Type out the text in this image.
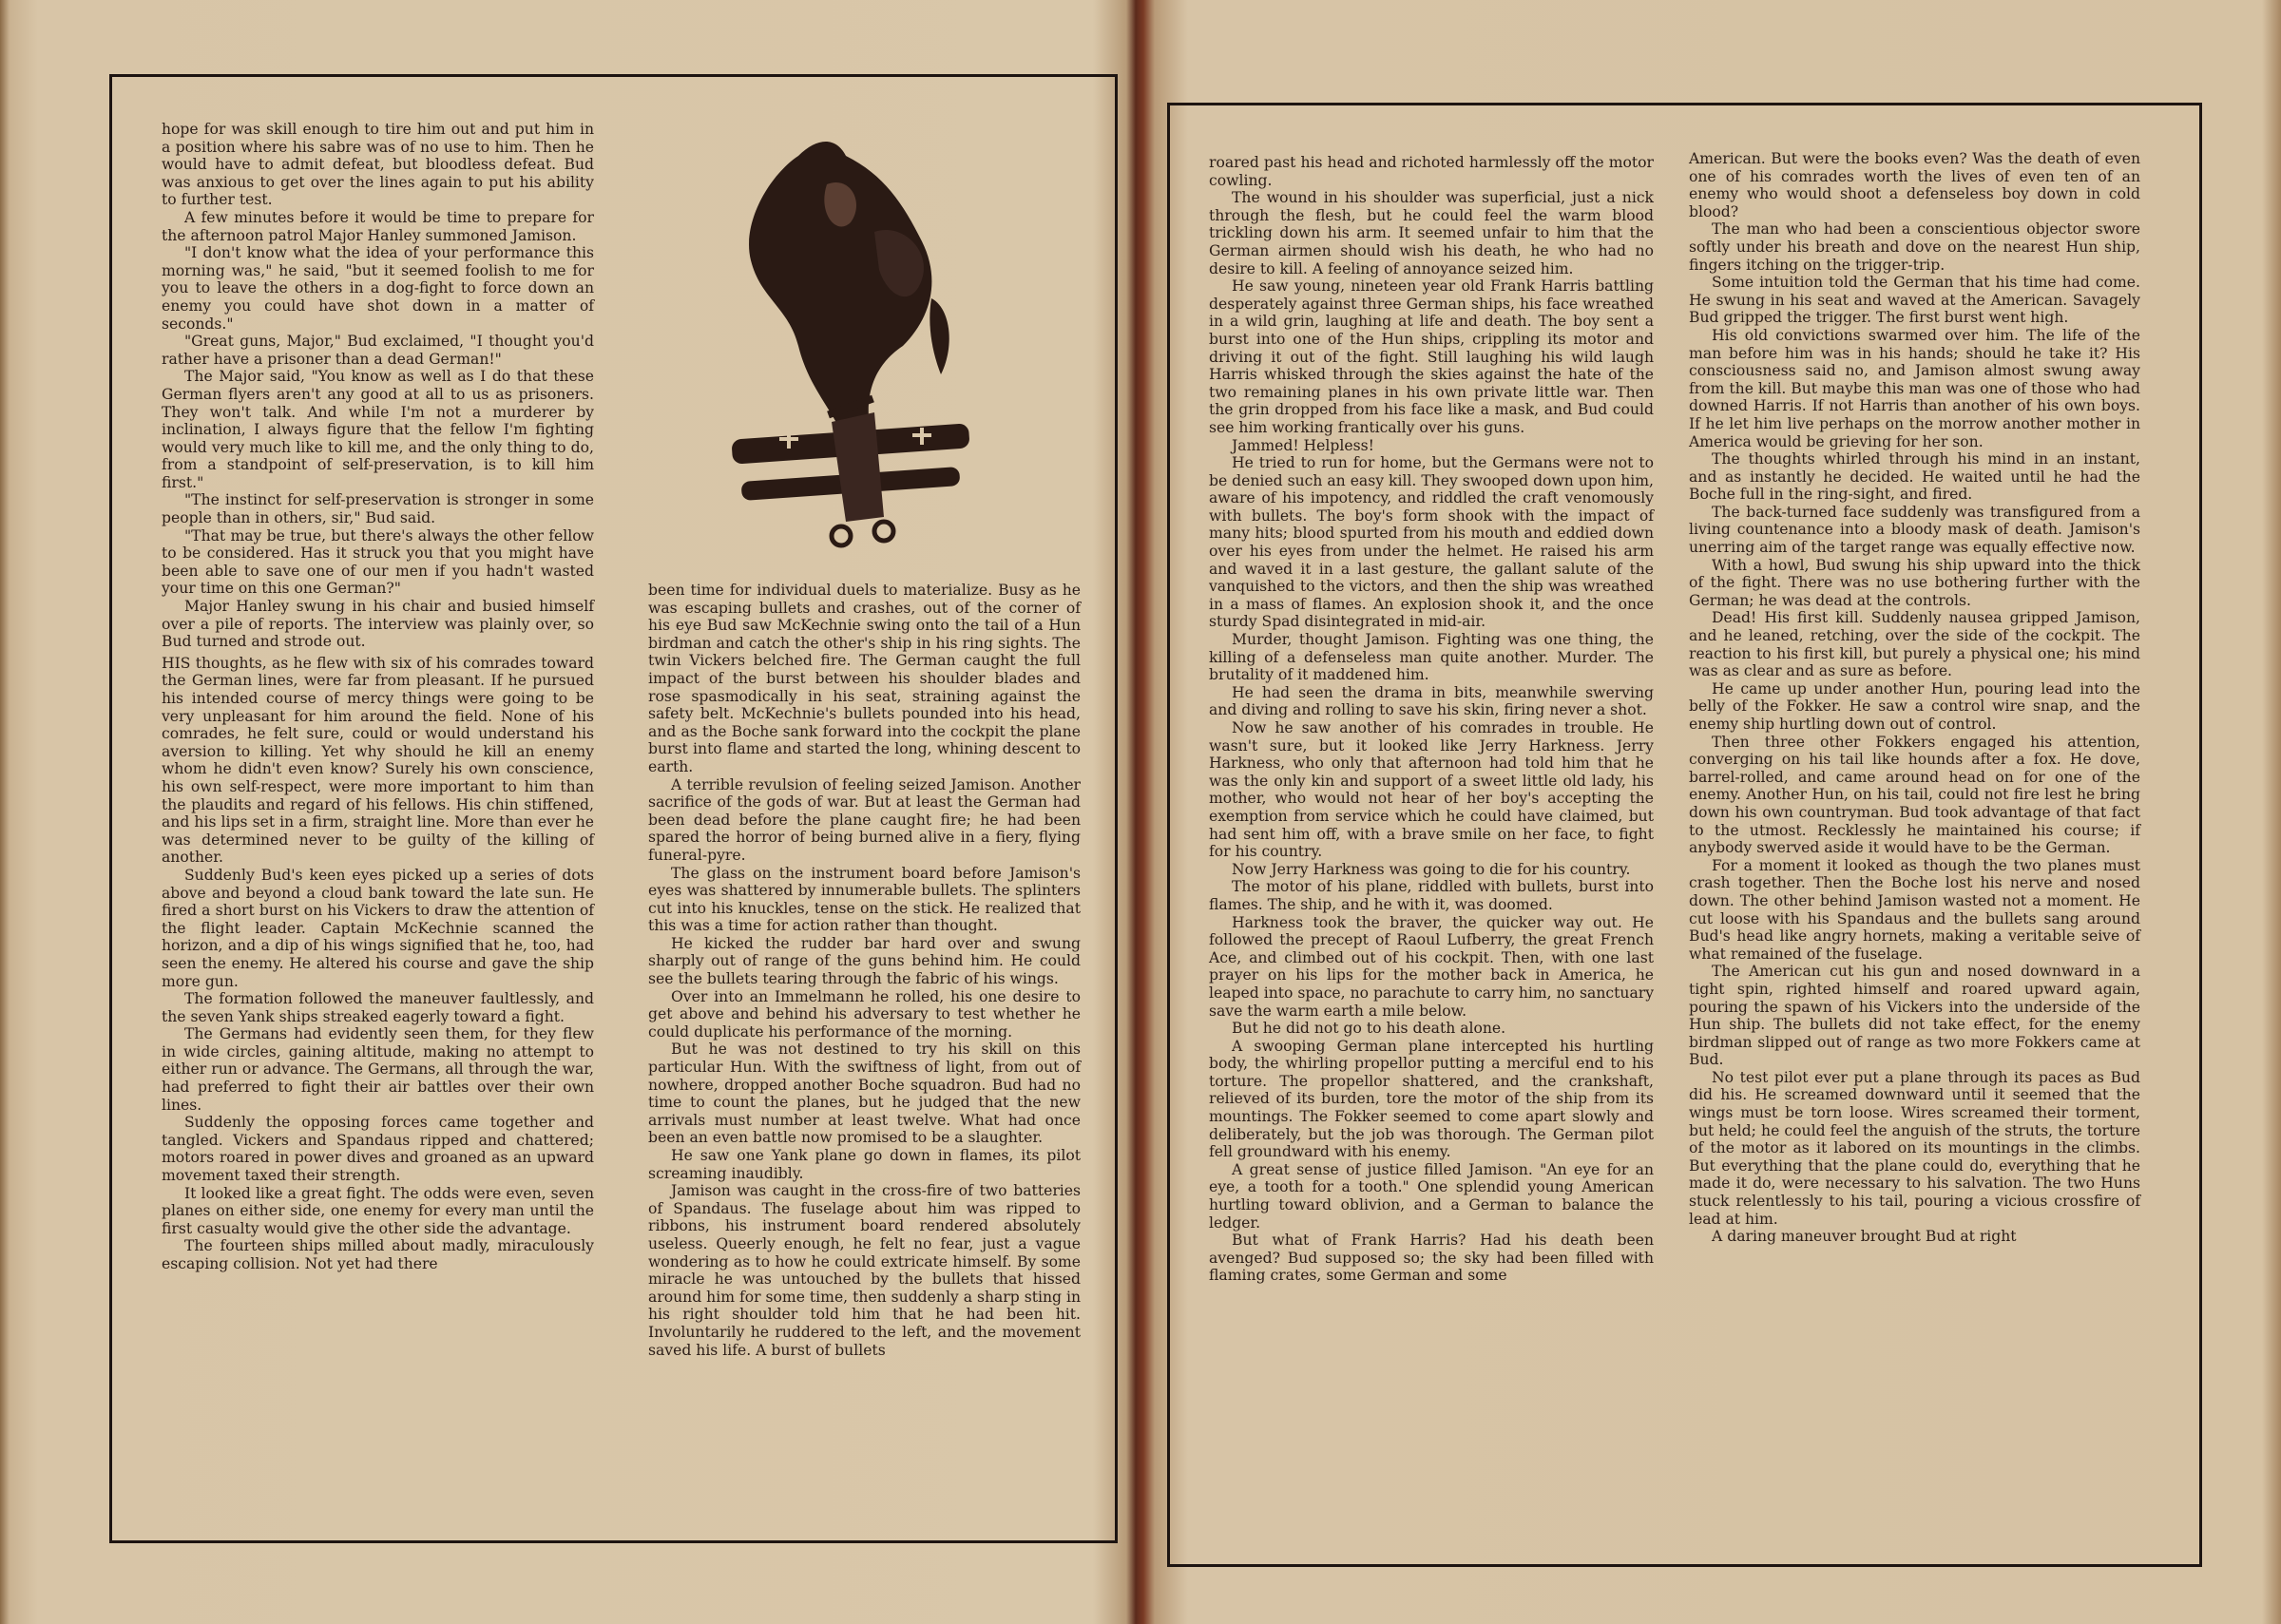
hope for was skill enough to tire him out and put him in a position where his sabre was of no use to him. Then he would have to admit defeat, but bloodless defeat. Bud was anxious to get over the lines again to put his ability to further test.

A few minutes before it would be time to prepare for the afternoon patrol Major Hanley summoned Jamison.

"I don't know what the idea of your performance this morning was," he said, "but it seemed foolish to me for you to leave the others in a dog-fight to force down an enemy you could have shot down in a matter of seconds."

"Great guns, Major," Bud exclaimed, "I thought you'd rather have a prisoner than a dead German!"

The Major said, "You know as well as I do that these German flyers aren't any good at all to us as prisoners. They won't talk. And while I'm not a murderer by inclination, I always figure that the fellow I'm fighting would very much like to kill me, and the only thing to do, from a standpoint of self-preservation, is to kill him first."

"The instinct for self-preservation is stronger in some people than in others, sir," Bud said.

"That may be true, but there's always the other fellow to be considered. Has it struck you that you might have been able to save one of our men if you hadn't wasted your time on this one German?"

Major Hanley swung in his chair and busied himself over a pile of reports. The interview was plainly over, so Bud turned and strode out.

HIS thoughts, as he flew with six of his comrades toward the German lines, were far from pleasant. If he pursued his intended course of mercy things were going to be very unpleasant for him around the field. None of his comrades, he felt sure, could or would understand his aversion to killing. Yet why should he kill an enemy whom he didn't even know? Surely his own conscience, his own self-respect, were more important to him than the plaudits and regard of his fellows. His chin stiffened, and his lips set in a firm, straight line. More than ever he was determined never to be guilty of the killing of another.

Suddenly Bud's keen eyes picked up a series of dots above and beyond a cloud bank toward the late sun. He fired a short burst on his Vickers to draw the attention of the flight leader. Captain McKechnie scanned the horizon, and a dip of his wings signified that he, too, had seen the enemy. He altered his course and gave the ship more gun.

The formation followed the maneuver faultlessly, and the seven Yank ships streaked eagerly toward a fight.

The Germans had evidently seen them, for they flew in wide circles, gaining altitude, making no attempt to either run or advance. The Germans, all through the war, had preferred to fight their air battles over their own lines.

Suddenly the opposing forces came together and tangled. Vickers and Spandaus ripped and chattered; motors roared in power dives and groaned as an upward movement taxed their strength.

It looked like a great fight. The odds were even, seven planes on either side, one enemy for every man until the first casualty would give the other side the advantage.

The fourteen ships milled about madly, miraculously escaping collision. Not yet had there

been time for individual duels to materialize. Busy as he was escaping bullets and crashes, out of the corner of his eye Bud saw McKechnie swing onto the tail of a Hun birdman and catch the other's ship in his ring sights. The twin Vickers belched fire. The German caught the full impact of the burst between his shoulder blades and rose spasmodically in his seat, straining against the safety belt. McKechnie's bullets pounded into his head, and as the Boche sank forward into the cockpit the plane burst into flame and started the long, whining descent to earth.

A terrible revulsion of feeling seized Jamison. Another sacrifice of the gods of war. But at least the German had been dead before the plane caught fire; he had been spared the horror of being burned alive in a fiery, flying funeral-pyre.

The glass on the instrument board before Jamison's eyes was shattered by innumerable bullets. The splinters cut into his knuckles, tense on the stick. He realized that this was a time for action rather than thought.

He kicked the rudder bar hard over and swung sharply out of range of the guns behind him. He could see the bullets tearing through the fabric of his wings.

Over into an Immelmann he rolled, his one desire to get above and behind his adversary to test whether he could duplicate his performance of the morning.

But he was not destined to try his skill on this particular Hun. With the swiftness of light, from out of nowhere, dropped another Boche squadron. Bud had no time to count the planes, but he judged that the new arrivals must number at least twelve. What had once been an even battle now promised to be a slaughter.

He saw one Yank plane go down in flames, its pilot screaming inaudibly.

Jamison was caught in the cross-fire of two batteries of Spandaus. The fuselage about him was ripped to ribbons, his instrument board rendered absolutely useless. Queerly enough, he felt no fear, just a vague wondering as to how he could extricate himself. By some miracle he was untouched by the bullets that hissed around him for some time, then suddenly a sharp sting in his right shoulder told him that he had been hit. Involuntarily he ruddered to the left, and the movement saved his life. A burst of bullets

roared past his head and richoted harmlessly off the motor cowling.

The wound in his shoulder was superficial, just a nick through the flesh, but he could feel the warm blood trickling down his arm. It seemed unfair to him that the German airmen should wish his death, he who had no desire to kill. A feeling of annoyance seized him.

He saw young, nineteen year old Frank Harris battling desperately against three German ships, his face wreathed in a wild grin, laughing at life and death. The boy sent a burst into one of the Hun ships, crippling its motor and driving it out of the fight. Still laughing his wild laugh Harris whisked through the skies against the hate of the two remaining planes in his own private little war. Then the grin dropped from his face like a mask, and Bud could see him working frantically over his guns.

Jammed! Helpless!

He tried to run for home, but the Germans were not to be denied such an easy kill. They swooped down upon him, aware of his impotency, and riddled the craft venomously with bullets. The boy's form shook with the impact of many hits; blood spurted from his mouth and eddied down over his eyes from under the helmet. He raised his arm and waved it in a last gesture, the gallant salute of the vanquished to the victors, and then the ship was wreathed in a mass of flames. An explosion shook it, and the once sturdy Spad disintegrated in mid-air.

Murder, thought Jamison. Fighting was one thing, the killing of a defenseless man quite another. Murder. The brutality of it maddened him.

He had seen the drama in bits, meanwhile swerving and diving and rolling to save his skin, firing never a shot.

Now he saw another of his comrades in trouble. He wasn't sure, but it looked like Jerry Harkness. Jerry Harkness, who only that afternoon had told him that he was the only kin and support of a sweet little old lady, his mother, who would not hear of her boy's accepting the exemption from service which he could have claimed, but had sent him off, with a brave smile on her face, to fight for his country.

Now Jerry Harkness was going to die for his country.

The motor of his plane, riddled with bullets, burst into flames. The ship, and he with it, was doomed.

Harkness took the braver, the quicker way out. He followed the precept of Raoul Lufberry, the great French Ace, and climbed out of his cockpit. Then, with one last prayer on his lips for the mother back in America, he leaped into space, no parachute to carry him, no sanctuary save the warm earth a mile below.

But he did not go to his death alone.

A swooping German plane intercepted his hurtling body, the whirling propellor putting a merciful end to his torture. The propellor shattered, and the crankshaft, relieved of its burden, tore the motor of the ship from its mountings. The Fokker seemed to come apart slowly and deliberately, but the job was thorough. The German pilot fell groundward with his enemy.

A great sense of justice filled Jamison. "An eye for an eye, a tooth for a tooth." One splendid young American hurtling toward oblivion, and a German to balance the ledger.

But what of Frank Harris? Had his death been avenged? Bud supposed so; the sky had been filled with flaming crates, some German and some

American. But were the books even? Was the death of even one of his comrades worth the lives of even ten of an enemy who would shoot a defenseless boy down in cold blood?

The man who had been a conscientious objector swore softly under his breath and dove on the nearest Hun ship, fingers itching on the trigger-trip.

Some intuition told the German that his time had come. He swung in his seat and waved at the American. Savagely Bud gripped the trigger. The first burst went high.

His old convictions swarmed over him. The life of the man before him was in his hands; should he take it? His consciousness said no, and Jamison almost swung away from the kill. But maybe this man was one of those who had downed Harris. If not Harris than another of his own boys. If he let him live perhaps on the morrow another mother in America would be grieving for her son.

The thoughts whirled through his mind in an instant, and as instantly he decided. He waited until he had the Boche full in the ring-sight, and fired.

The back-turned face suddenly was transfigured from a living countenance into a bloody mask of death. Jamison's unerring aim of the target range was equally effective now.

With a howl, Bud swung his ship upward into the thick of the fight. There was no use bothering further with the German; he was dead at the controls.

Dead! His first kill. Suddenly nausea gripped Jamison, and he leaned, retching, over the side of the cockpit. The reaction to his first kill, but purely a physical one; his mind was as clear and as sure as before.

He came up under another Hun, pouring lead into the belly of the Fokker. He saw a control wire snap, and the enemy ship hurtling down out of control.

Then three other Fokkers engaged his attention, converging on his tail like hounds after a fox. He dove, barrel-rolled, and came around head on for one of the enemy. Another Hun, on his tail, could not fire lest he bring down his own countryman. Bud took advantage of that fact to the utmost. Recklessly he maintained his course; if anybody swerved aside it would have to be the German.

For a moment it looked as though the two planes must crash together. Then the Boche lost his nerve and nosed down. The other behind Jamison wasted not a moment. He cut loose with his Spandaus and the bullets sang around Bud's head like angry hornets, making a veritable seive of what remained of the fuselage.

The American cut his gun and nosed downward in a tight spin, righted himself and roared upward again, pouring the spawn of his Vickers into the underside of the Hun ship. The bullets did not take effect, for the enemy birdman slipped out of range as two more Fokkers came at Bud.

No test pilot ever put a plane through its paces as Bud did his. He screamed downward until it seemed that the wings must be torn loose. Wires screamed their torment, but held; he could feel the anguish of the struts, the torture of the motor as it labored on its mountings in the climbs. But everything that the plane could do, everything that he made it do, were necessary to his salvation. The two Huns stuck relentlessly to his tail, pouring a vicious crossfire of lead at him.

A daring maneuver brought Bud at right
